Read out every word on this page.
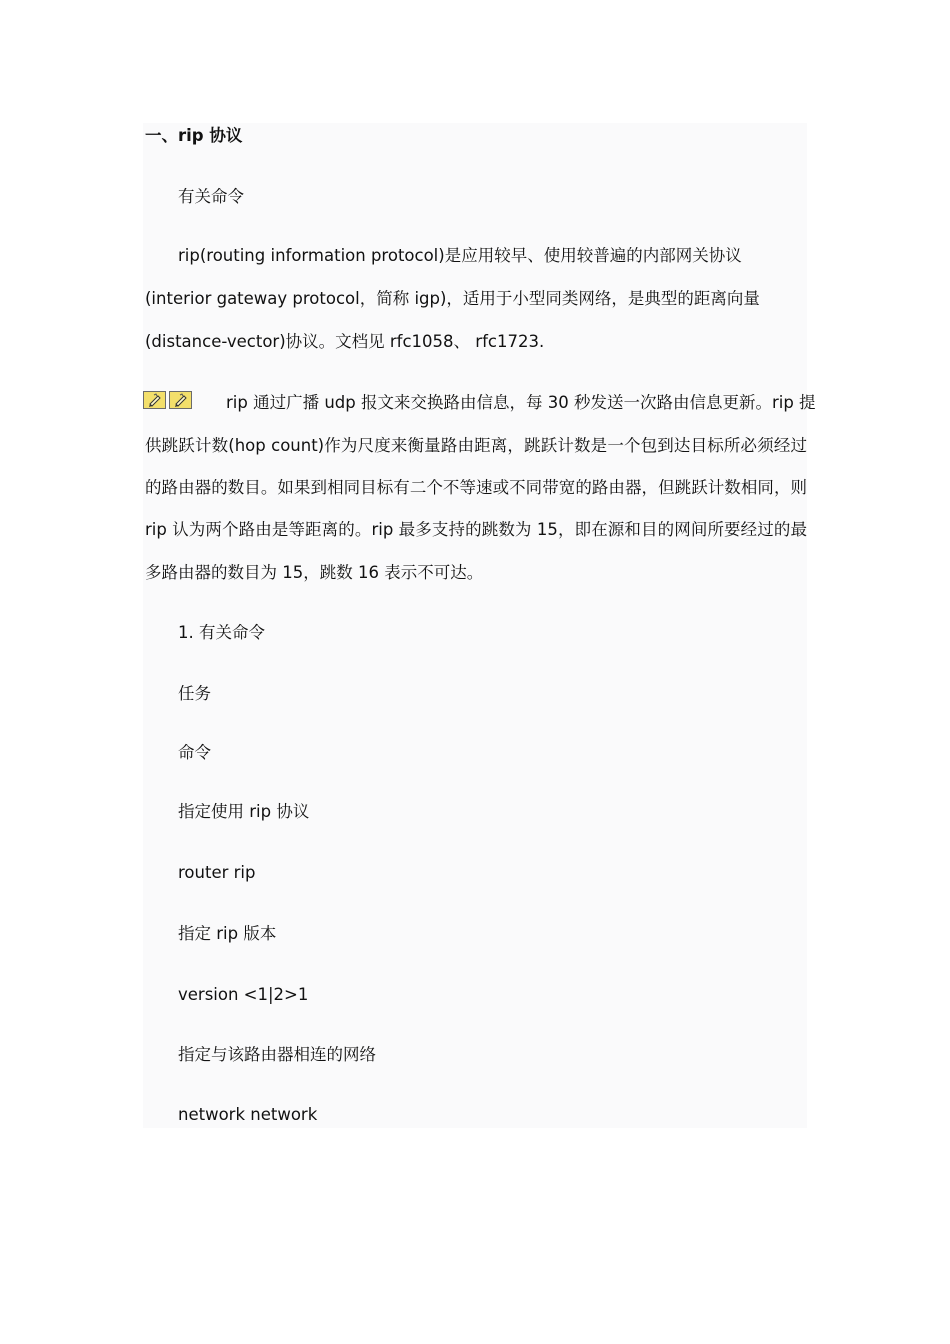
一、rip 协议
有关命令
rip(routing information protocol)是应用较早、使用较普遍的内部网关协议
(interior gateway protocol，简称 igp)，适用于小型同类网络，是典型的距离向量
(distance-vector)协议。文档见 rfc1058、 rfc1723.
rip 通过广播 udp 报文来交换路由信息，每 30 秒发送一次路由信息更新。rip 提
供跳跃计数(hop count)作为尺度来衡量路由距离，跳跃计数是一个包到达目标所必须经过
的路由器的数目。如果到相同目标有二个不等速或不同带宽的路由器，但跳跃计数相同，则
rip 认为两个路由是等距离的。rip 最多支持的跳数为 15，即在源和目的网间所要经过的最
多路由器的数目为 15，跳数 16 表示不可达。
1. 有关命令
任务
命令
指定使用 rip 协议
router rip
指定 rip 版本
version <1|2>1
指定与该路由器相连的网络
network network
